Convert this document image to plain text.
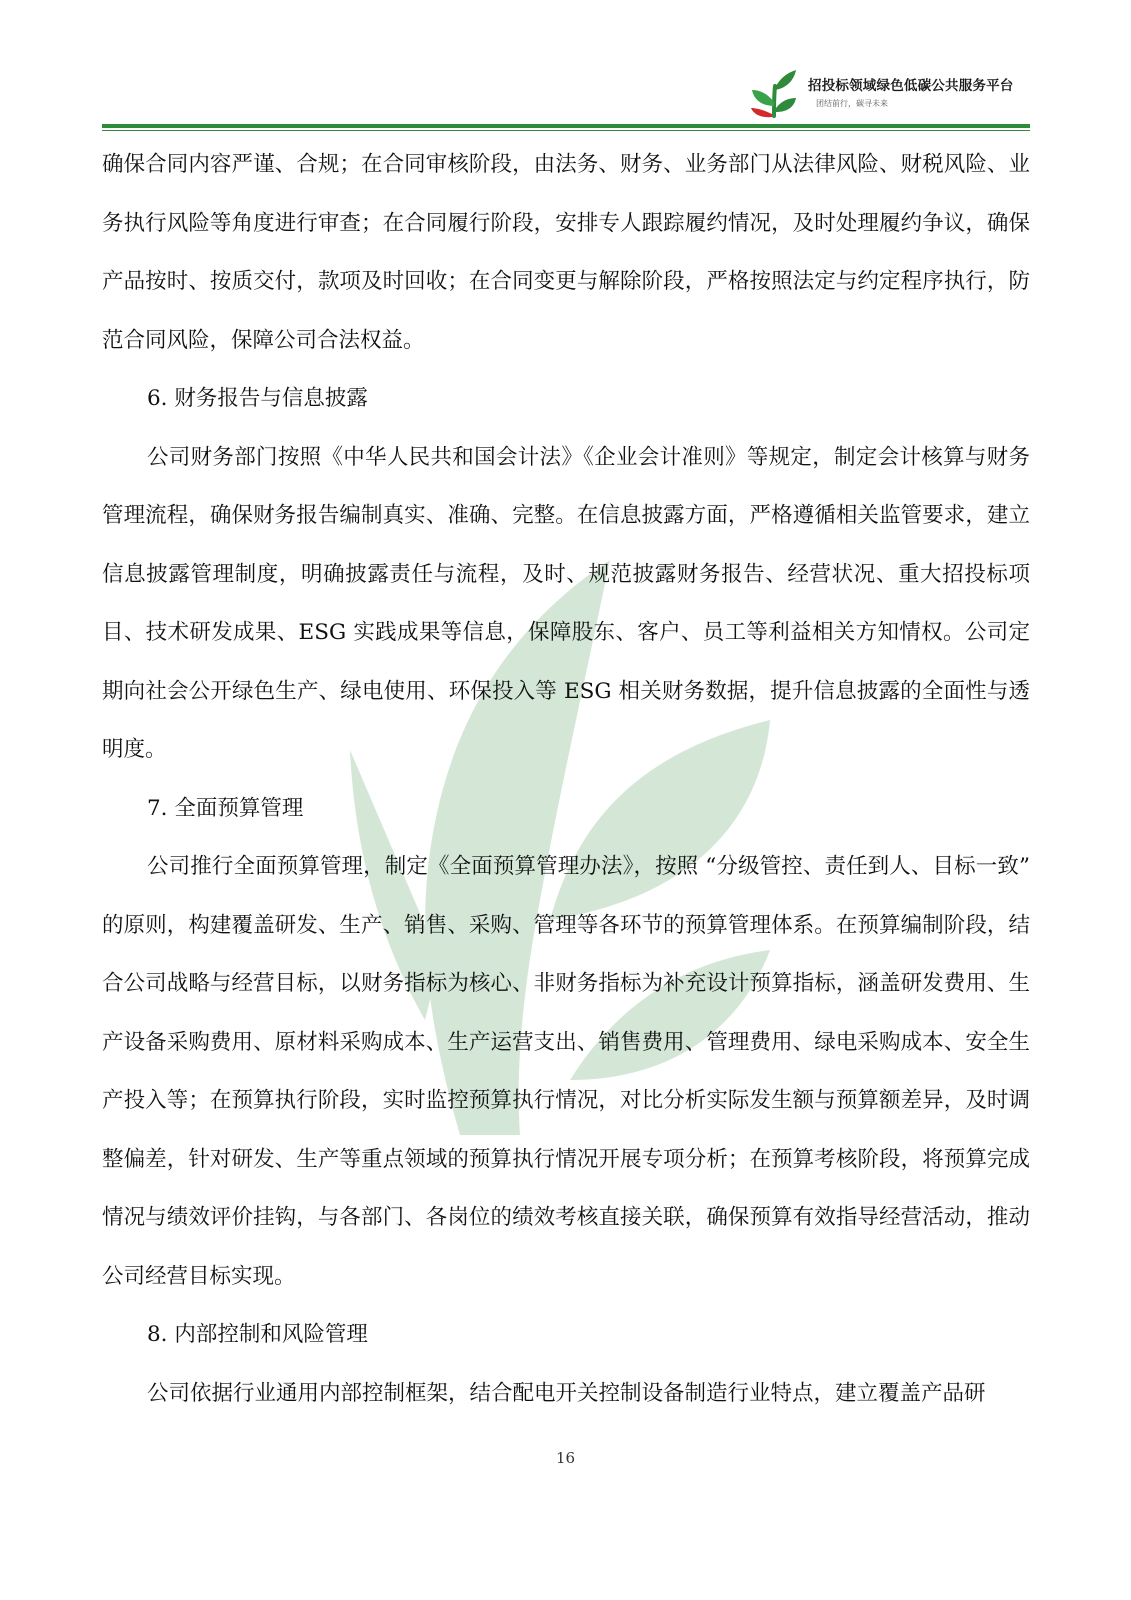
招投标领域绿色低碳公共服务平台
团结前行，碳寻未来

确保合同内容严谨、合规；在合同审核阶段，由法务、财务、业务部门从法律风险、财税风险、业务执行风险等角度进行审查；在合同履行阶段，安排专人跟踪履约情况，及时处理履约争议，确保产品按时、按质交付，款项及时回收；在合同变更与解除阶段，严格按照法定与约定程序执行，防范合同风险，保障公司合法权益。

6. 财务报告与信息披露

公司财务部门按照《中华人民共和国会计法》《企业会计准则》等规定，制定会计核算与财务管理流程，确保财务报告编制真实、准确、完整。在信息披露方面，严格遵循相关监管要求，建立信息披露管理制度，明确披露责任与流程，及时、规范披露财务报告、经营状况、重大招投标项目、技术研发成果、ESG 实践成果等信息，保障股东、客户、员工等利益相关方知情权。公司定期向社会公开绿色生产、绿电使用、环保投入等 ESG 相关财务数据，提升信息披露的全面性与透明度。

7. 全面预算管理

公司推行全面预算管理，制定《全面预算管理办法》，按照 “分级管控、责任到人、目标一致” 的原则，构建覆盖研发、生产、销售、采购、管理等各环节的预算管理体系。在预算编制阶段，结合公司战略与经营目标，以财务指标为核心、非财务指标为补充设计预算指标，涵盖研发费用、生产设备采购费用、原材料采购成本、生产运营支出、销售费用、管理费用、绿电采购成本、安全生产投入等；在预算执行阶段，实时监控预算执行情况，对比分析实际发生额与预算额差异，及时调整偏差，针对研发、生产等重点领域的预算执行情况开展专项分析；在预算考核阶段，将预算完成情况与绩效评价挂钩，与各部门、各岗位的绩效考核直接关联，确保预算有效指导经营活动，推动公司经营目标实现。

8. 内部控制和风险管理

公司依据行业通用内部控制框架，结合配电开关控制设备制造行业特点，建立覆盖产品研

16
